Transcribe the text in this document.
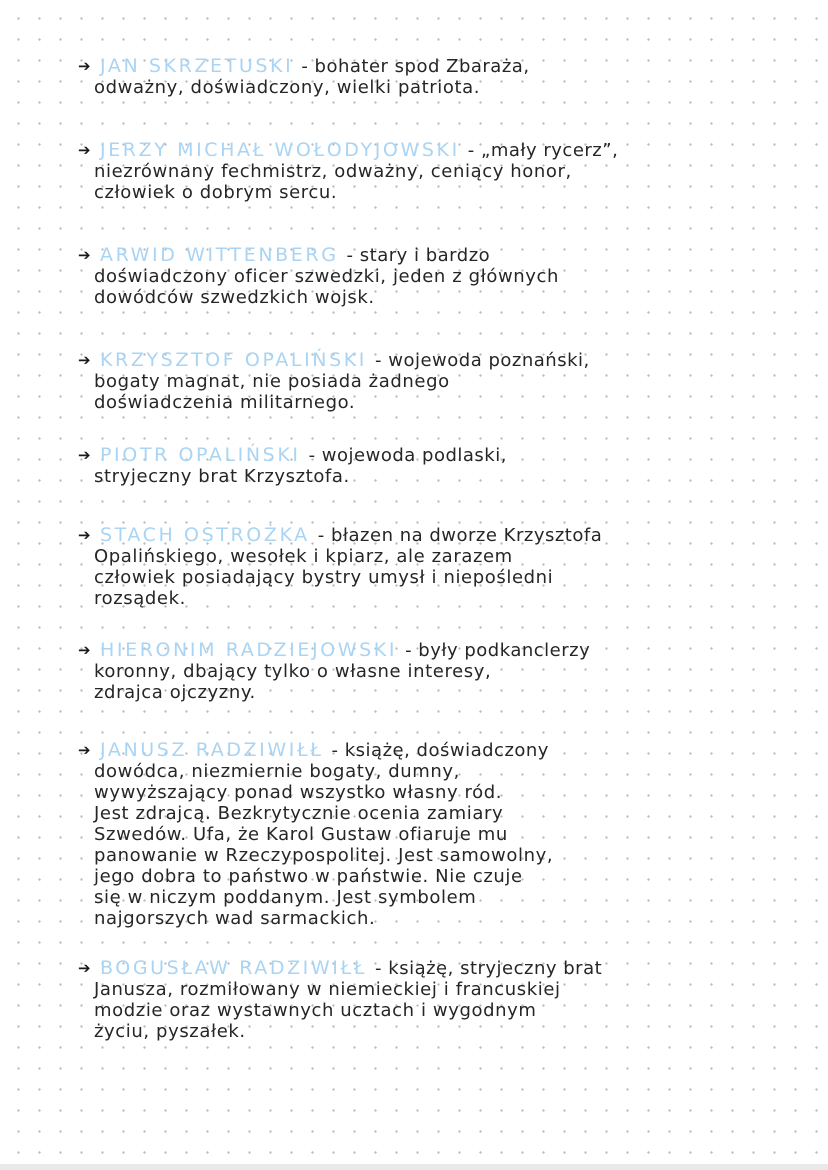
➔ JAN SKRZETUSKI - bohater spod Zbaraża,
odważny, doświadczony, wielki patriota.
➔ JERZY MICHAŁ WOŁODYJOWSKI - „mały rycerz”,
niezrównany fechmistrz, odważny, ceniący honor,
człowiek o dobrym sercu.
➔ ARWID WITTENBERG - stary i bardzo
doświadczony oficer szwedzki, jeden z głównych
dowódców szwedzkich wojsk.
➔ KRZYSZTOF OPALIŃSKI - wojewoda poznański,
bogaty magnat, nie posiada żadnego
doświadczenia militarnego.
➔ PIOTR OPALIŃSKI - wojewoda podlaski,
stryjeczny brat Krzysztofa.
➔ STACH OSTROŻKA - błazen na dworze Krzysztofa
Opalińskiego, wesołek i kpiarz, ale zarazem
człowiek posiadający bystry umysł i niepośledni
rozsądek.
➔ HIERONIM RADZIEJOWSKI - były podkanclerzy
koronny, dbający tylko o własne interesy,
zdrajca ojczyzny.
➔ JANUSZ RADZIWIŁŁ - książę, doświadczony
dowódca, niezmiernie bogaty, dumny,
wywyższający ponad wszystko własny ród.
Jest zdrajcą. Bezkrytycznie ocenia zamiary
Szwedów. Ufa, że Karol Gustaw ofiaruje mu
panowanie w Rzeczypospolitej. Jest samowolny,
jego dobra to państwo w państwie. Nie czuje
się w niczym poddanym. Jest symbolem
najgorszych wad sarmackich.
➔ BOGUSŁAW RADZIWIŁŁ - książę, stryjeczny brat
Janusza, rozmiłowany w niemieckiej i francuskiej
modzie oraz wystawnych ucztach i wygodnym
życiu, pyszałek.
